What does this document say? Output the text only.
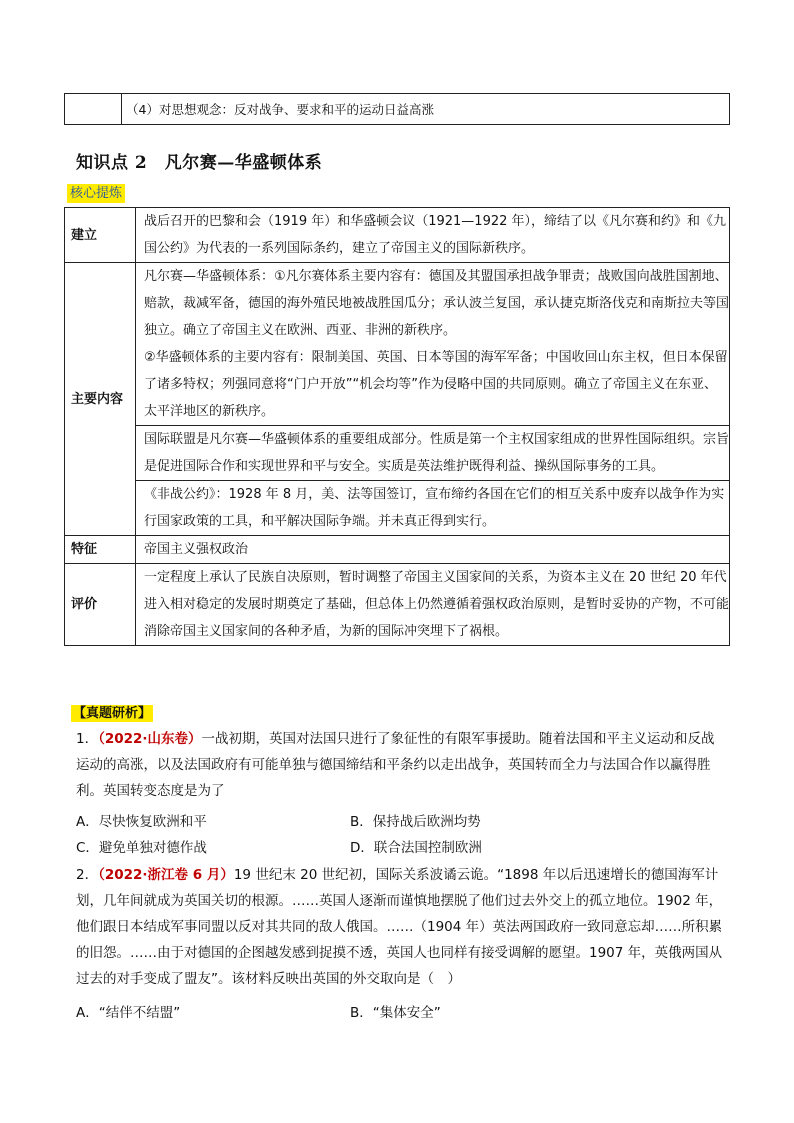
	（4）对思想观念：反对战争、要求和平的运动日益高涨
知识点 2　凡尔赛—华盛顿体系
核心提炼
建立	战后召开的巴黎和会（1919 年）和华盛顿会议（1921—1922 年），缔结了以《凡尔赛和约》和《九国公约》为代表的一系列国际条约，建立了帝国主义的国际新秩序。
主要内容	凡尔赛—华盛顿体系：①凡尔赛体系主要内容有：德国及其盟国承担战争罪责；战败国向战胜国割地、赔款，裁减军备，德国的海外殖民地被战胜国瓜分；承认波兰复国，承认捷克斯洛伐克和南斯拉夫等国独立。确立了帝国主义在欧洲、西亚、非洲的新秩序。
②华盛顿体系的主要内容有：限制美国、英国、日本等国的海军军备；中国收回山东主权，但日本保留了诸多特权；列强同意将“门户开放”“机会均等”作为侵略中国的共同原则。确立了帝国主义在东亚、太平洋地区的新秩序。

	国际联盟是凡尔赛—华盛顿体系的重要组成部分。性质是第一个主权国家组成的世界性国际组织。宗旨是促进国际合作和实现世界和平与安全。实质是英法维护既得利益、操纵国际事务的工具。
	《非战公约》：1928 年 8 月，美、法等国签订，宣布缔约各国在它们的相互关系中废弃以战争作为实行国家政策的工具，和平解决国际争端。并未真正得到实行。
特征	帝国主义强权政治
评价	一定程度上承认了民族自决原则，暂时调整了帝国主义国家间的关系，为资本主义在 20 世纪 20 年代进入相对稳定的发展时期奠定了基础，但总体上仍然遵循着强权政治原则，是暂时妥协的产物，不可能消除帝国主义国家间的各种矛盾，为新的国际冲突埋下了祸根。
【真题研析】
1．（2022·山东卷）一战初期，英国对法国只进行了象征性的有限军事援助。随着法国和平主义运动和反战运动的高涨，以及法国政府有可能单独与德国缔结和平条约以走出战争，英国转而全力与法国合作以赢得胜利。英国转变态度是为了
A．尽快恢复欧洲和平	B．保持战后欧洲均势
C．避免单独对德作战	D．联合法国控制欧洲
2．（2022·浙江卷 6 月）19 世纪末 20 世纪初，国际关系波谲云诡。“1898 年以后迅速增长的德国海军计划，几年间就成为英国关切的根源。……英国人逐渐而谨慎地摆脱了他们过去外交上的孤立地位。1902 年，他们跟日本结成军事同盟以反对其共同的敌人俄国。……（1904 年）英法两国政府一致同意忘却……所积累的旧怨。……由于对德国的企图越发感到捉摸不透，英国人也同样有接受调解的愿望。1907 年，英俄两国从过去的对手变成了盟友”。该材料反映出英国的外交取向是（　）
A．“结伴不结盟”	B．“集体安全”
